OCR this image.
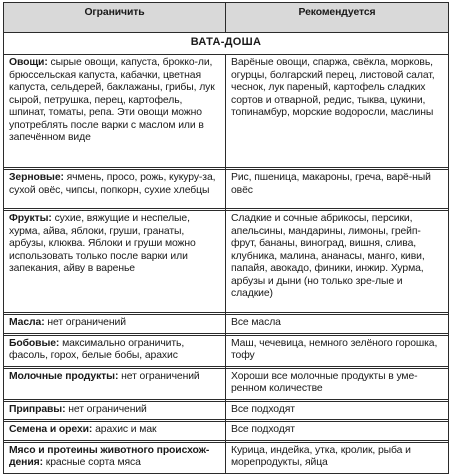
Ограничить	Рекомендуется
ВАТА-ДОША	
Овощи: сырые овощи, капуста, брокко-ли, брюссельская капуста, кабачки, цветная капуста, сельдерей, баклажаны, грибы, лук сырой, петрушка, перец, картофель, шпинат, томаты, репа. Эти овощи можно употреблять после варки с маслом или в запечённом виде	Варёные овощи, спаржа, свёкла, морковь, огурцы, болгарский перец, листовой салат, чеснок, лук пареный, картофель сладких сортов и отварной, редис, тыква, цукини, топинамбур, морские водоросли, маслины

Зерновые: ячмень, просо, рожь, кукуру-за, сухой овёс, чипсы, попкорн, сухие хлебцы	Рис, пшеница, макароны, греча, варё-ный овёс

Фрукты: сухие, вяжущие и неспелые, хурма, айва, яблоки, груши, гранаты, арбузы, клюква. Яблоки и груши можно использовать только после варки или запекания, айву в варенье	Сладкие и сочные абрикосы, персики, апельсины, мандарины, лимоны, грейп-фрут, бананы, виноград, вишня, слива, клубника, малина, ананасы, манго, киви, папайя, авокадо, финики, инжир. Хурма, арбузы и дыни (но только зре-лые и сладкие)

Масла: нет ограничений	Все масла

Бобовые: максимально ограничить, фасоль, горох, белые бобы, арахис	Маш, чечевица, немного зелёного горошка, тофу

Молочные продукты: нет ограничений	Хороши все молочные продукты в уме-ренном количестве

Приправы: нет ограничений	Все подходят

Семена и орехи: арахис и мак	Все подходят

Мясо и протеины животного происхож-дения: красные сорта мяса	Курица, индейка, утка, кролик, рыба и морепродукты, яйца
